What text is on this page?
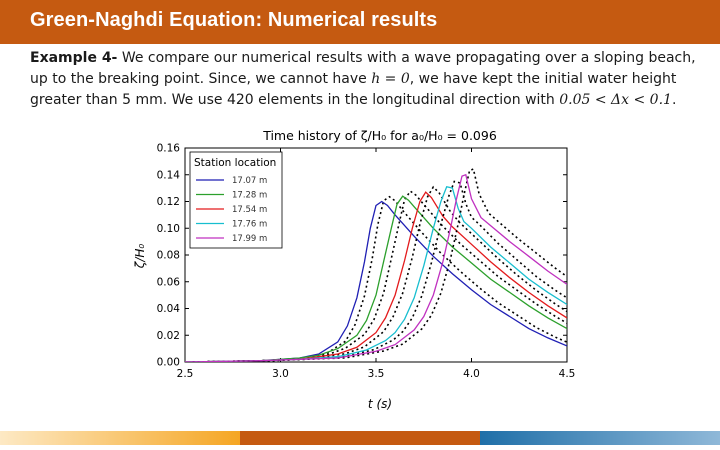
Green-Naghdi Equation: Numerical results
Example 4- We compare our numerical results with a wave propagating over a sloping beach, up to the breaking point. Since, we cannot have h = 0, we have kept the initial water height greater than 5 mm. We use 420 elements in the longitudinal direction with 0.05 < Δx < 0.1.
Time history of ζ/H₀ for a₀/H₀ = 0.096
t (s)
ζ/H₀
2.5	3.0	3.5	4.0	4.5
0.00
0.02
0.04
0.06
0.08
0.10
0.12
0.14
0.16
Station location
17.07 m
17.28 m
17.54 m
17.76 m
17.99 m
